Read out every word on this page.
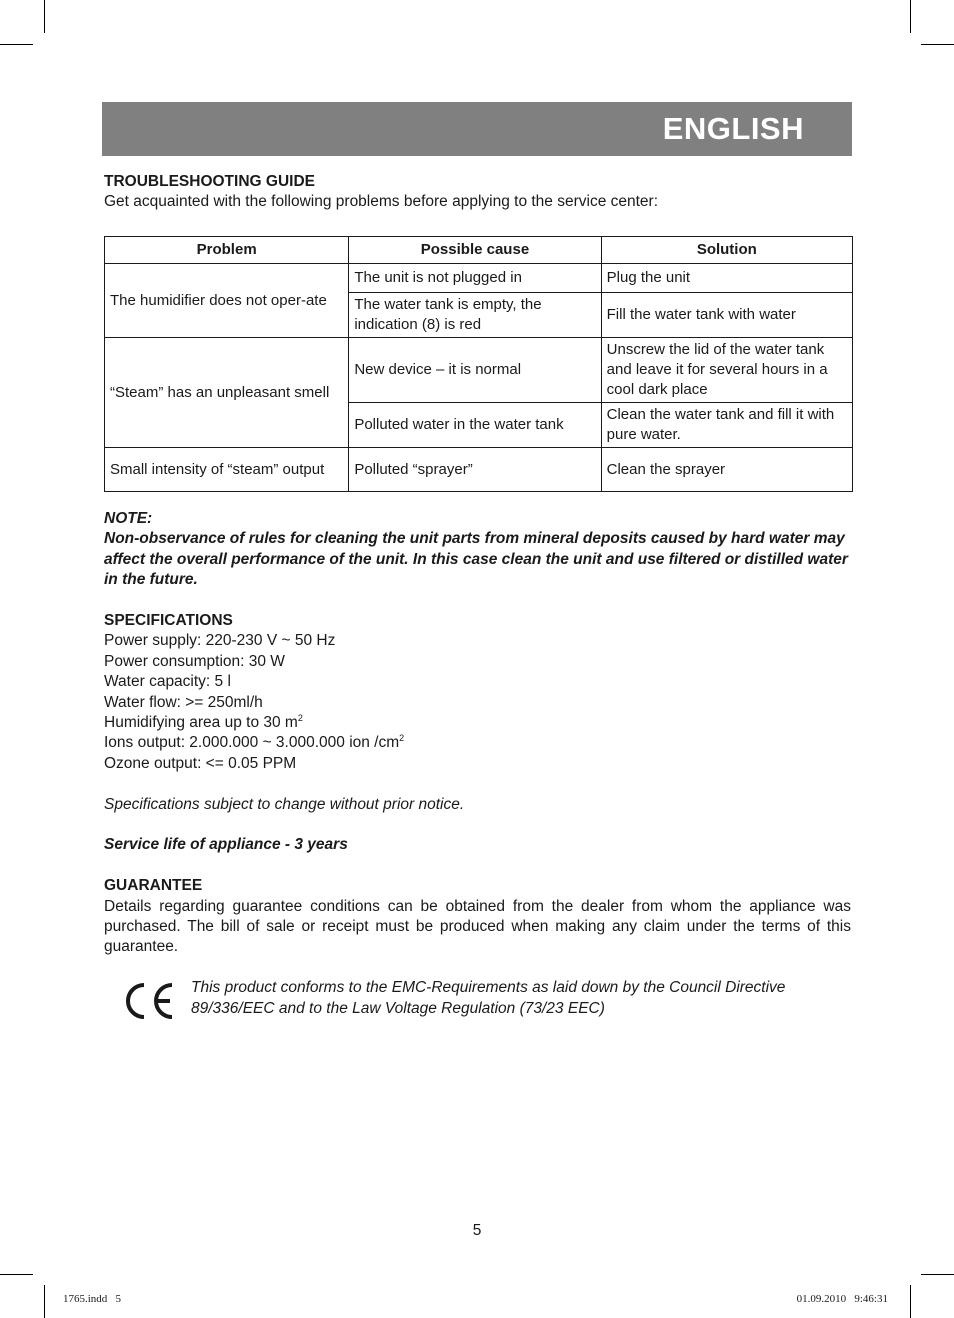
ENGLISH
TROUBLESHOOTING GUIDE
Get acquainted with the following problems before applying to the service center:
Problem	Possible cause	Solution
The humidifier does not oper-ate	The unit is not plugged in	Plug the unit
	The water tank is empty, the indication (8) is red	Fill the water tank with water
“Steam” has an unpleasant smell	New device – it is normal	Unscrew the lid of the water tank and leave it for several hours in a cool dark place
	Polluted water in the water tank	Clean the water tank and fill it with pure water.
Small intensity of “steam” output	Polluted “sprayer”	Clean the sprayer
NOTE:
Non-observance of rules for cleaning the unit parts from mineral deposits caused by hard water may affect the overall performance of the unit. In this case clean the unit and use filtered or distilled water in the future.
SPECIFICATIONS
Power supply: 220-230 V ~ 50 Hz
Power consumption: 30 W
Water capacity: 5 l
Water flow: >= 250ml/h
Humidifying area up to 30 $m^2$
Ions output: 2.000.000 ~ 3.000.000 ion $/cm^2$
Ozone output: <= 0.05 PPM
Specifications subject to change without prior notice.
Service life of appliance - 3 years
GUARANTEE
Details regarding guarantee conditions can be obtained from the dealer from whom the appliance was purchased. The bill of sale or receipt must be produced when making any claim under the terms of this guarantee.
This product conforms to the EMC-Requirements as laid down by the Council Directive 89/336/EEC and to the Law Voltage Regulation (73/23 EEC)
5
1765.indd   5	01.09.2010   9:46:31
